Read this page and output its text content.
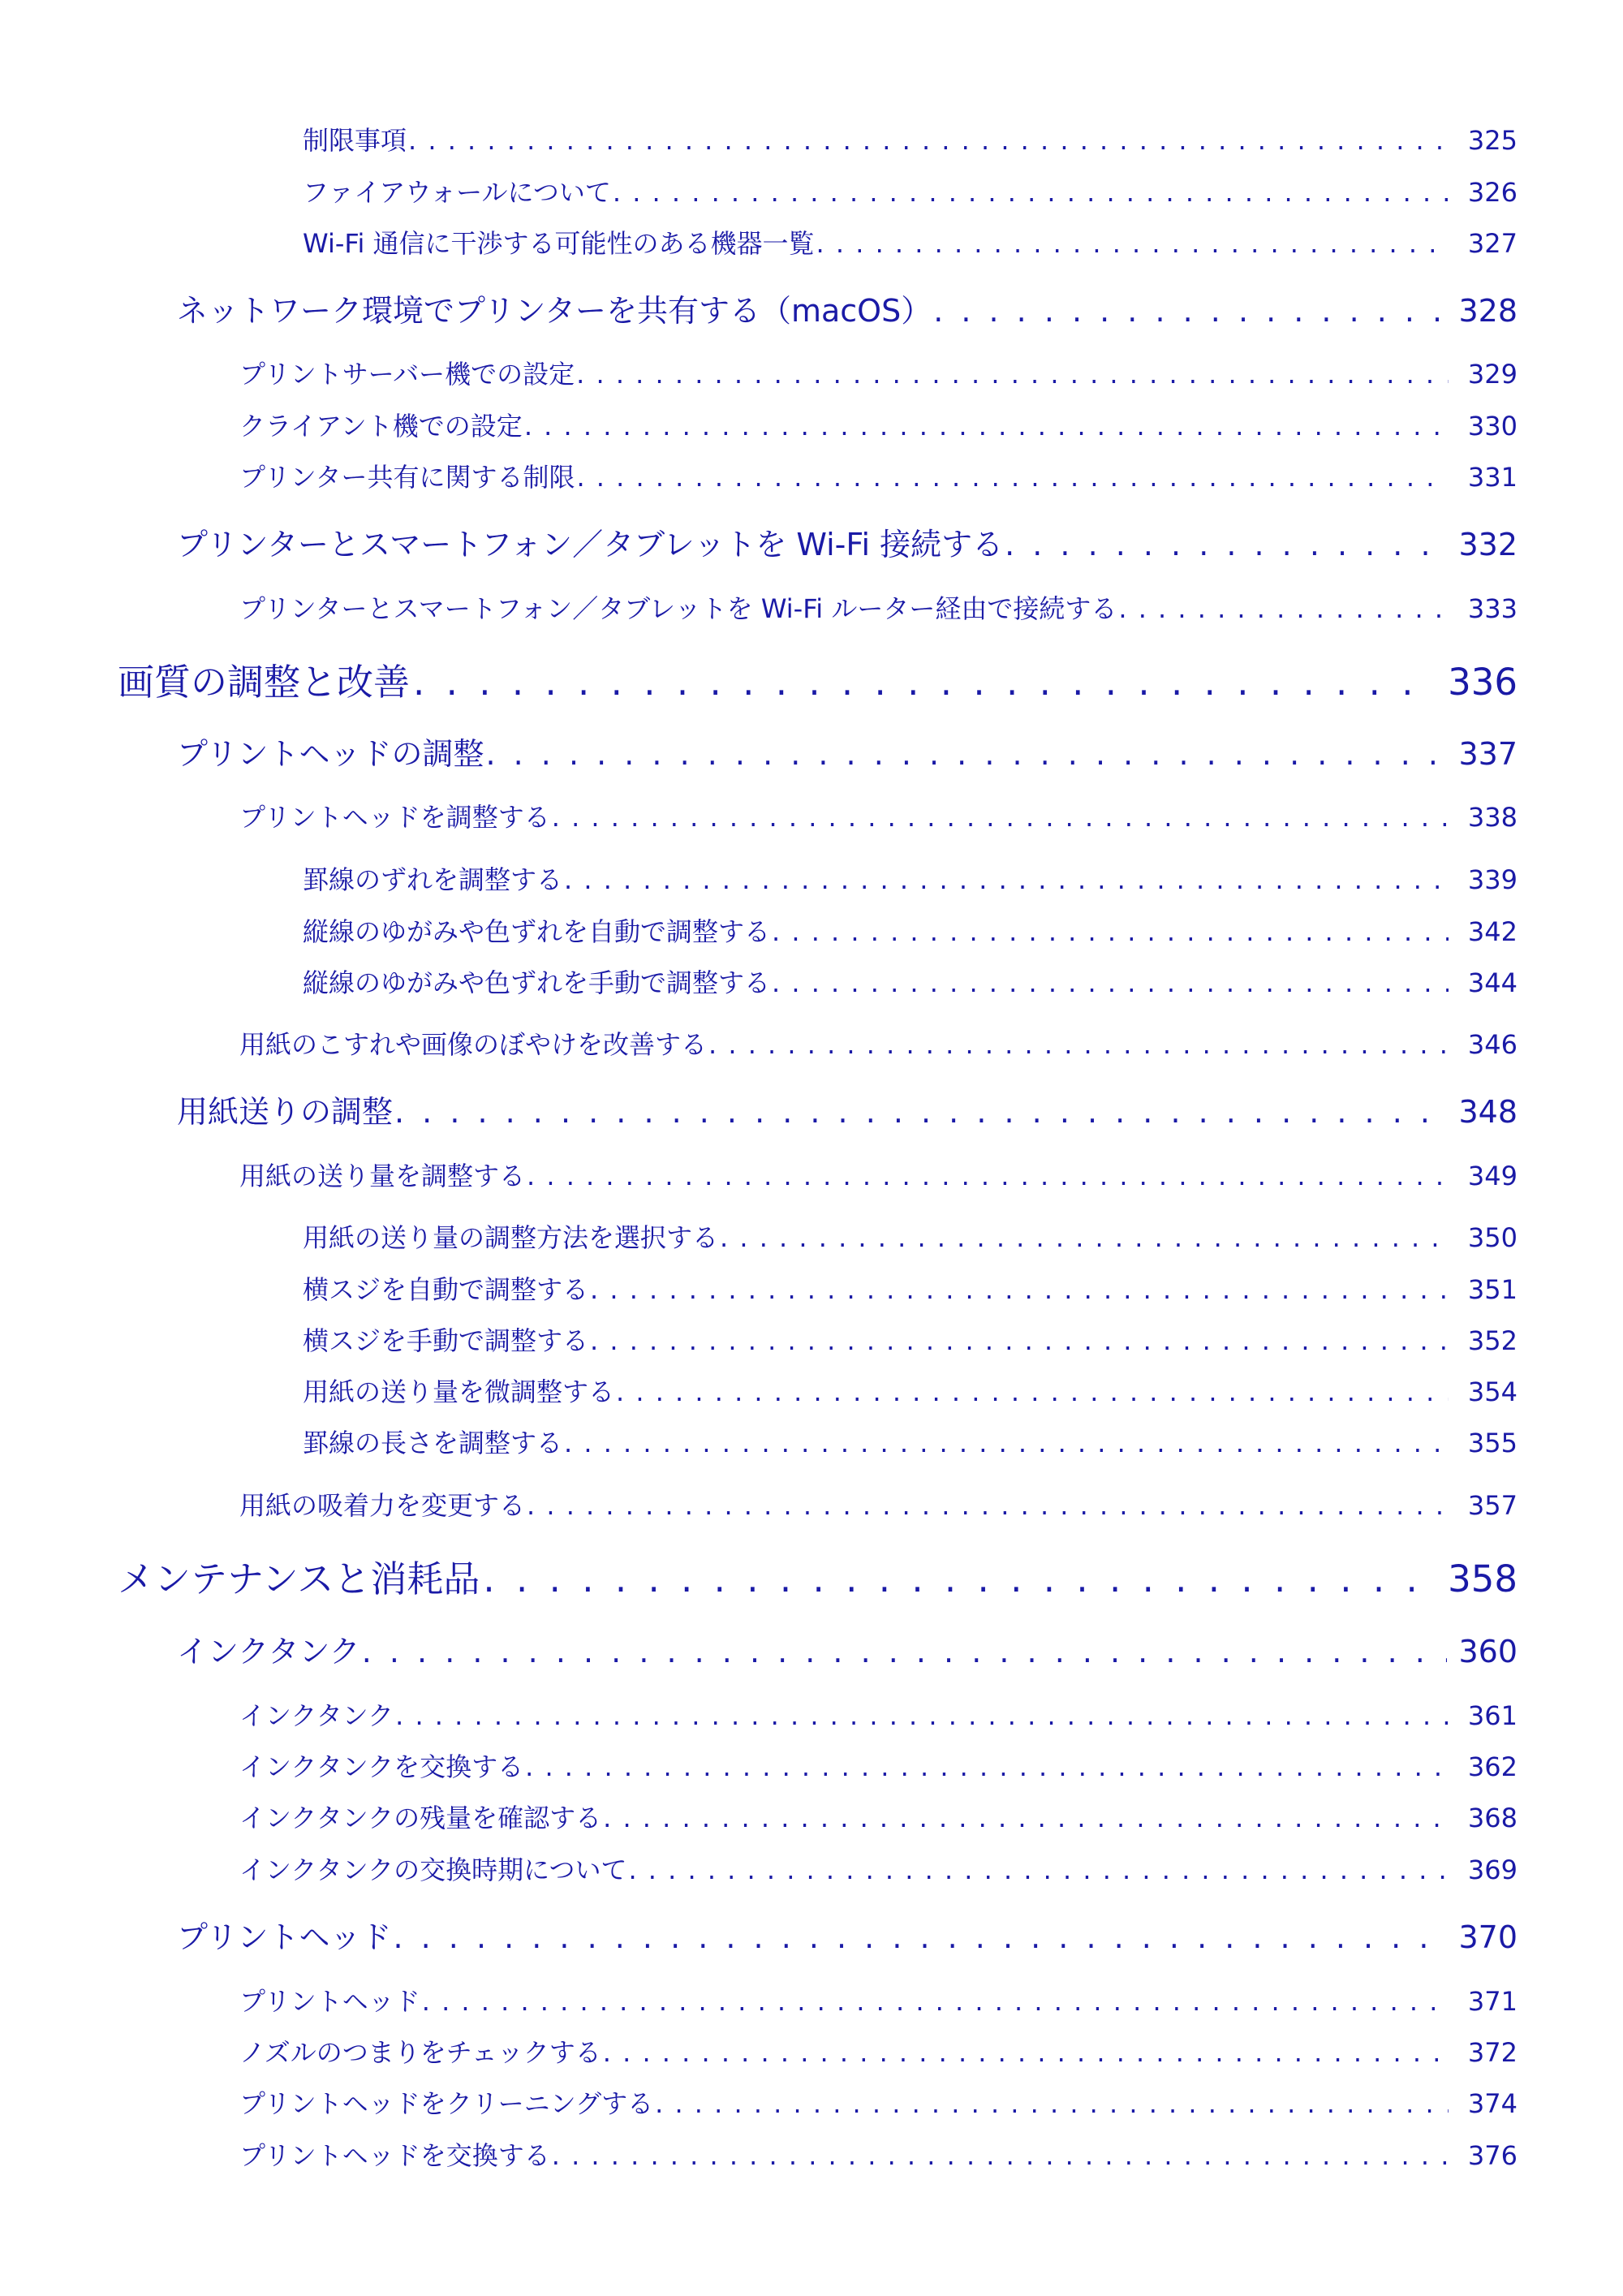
制限事項 . . .	325
ファイアウォールについて . . .	326
Wi-Fi 通信に干渉する可能性のある機器一覧 . . .	327
ネットワーク環境でプリンターを共有する（macOS） . . .	328
プリントサーバー機での設定 . . .	329
クライアント機での設定 . . .	330
プリンター共有に関する制限 . . .	331
プリンターとスマートフォン／タブレットを Wi-Fi 接続する . . .	332
プリンターとスマートフォン／タブレットを Wi-Fi ルーター経由で接続する . . .	333
画質の調整と改善 . . .	336
プリントヘッドの調整 . . .	337
プリントヘッドを調整する . . .	338
罫線のずれを調整する . . .	339
縦線のゆがみや色ずれを自動で調整する . . .	342
縦線のゆがみや色ずれを手動で調整する . . .	344
用紙のこすれや画像のぼやけを改善する . . .	346
用紙送りの調整 . . .	348
用紙の送り量を調整する . . .	349
用紙の送り量の調整方法を選択する . . .	350
横スジを自動で調整する . . .	351
横スジを手動で調整する . . .	352
用紙の送り量を微調整する . . .	354
罫線の長さを調整する . . .	355
用紙の吸着力を変更する . . .	357
メンテナンスと消耗品 . . .	358
インクタンク . . .	360
インクタンク . . .	361
インクタンクを交換する . . .	362
インクタンクの残量を確認する . . .	368
インクタンクの交換時期について . . .	369
プリントヘッド . . .	370
プリントヘッド . . .	371
ノズルのつまりをチェックする . . .	372
プリントヘッドをクリーニングする . . .	374
プリントヘッドを交換する . . .	376
